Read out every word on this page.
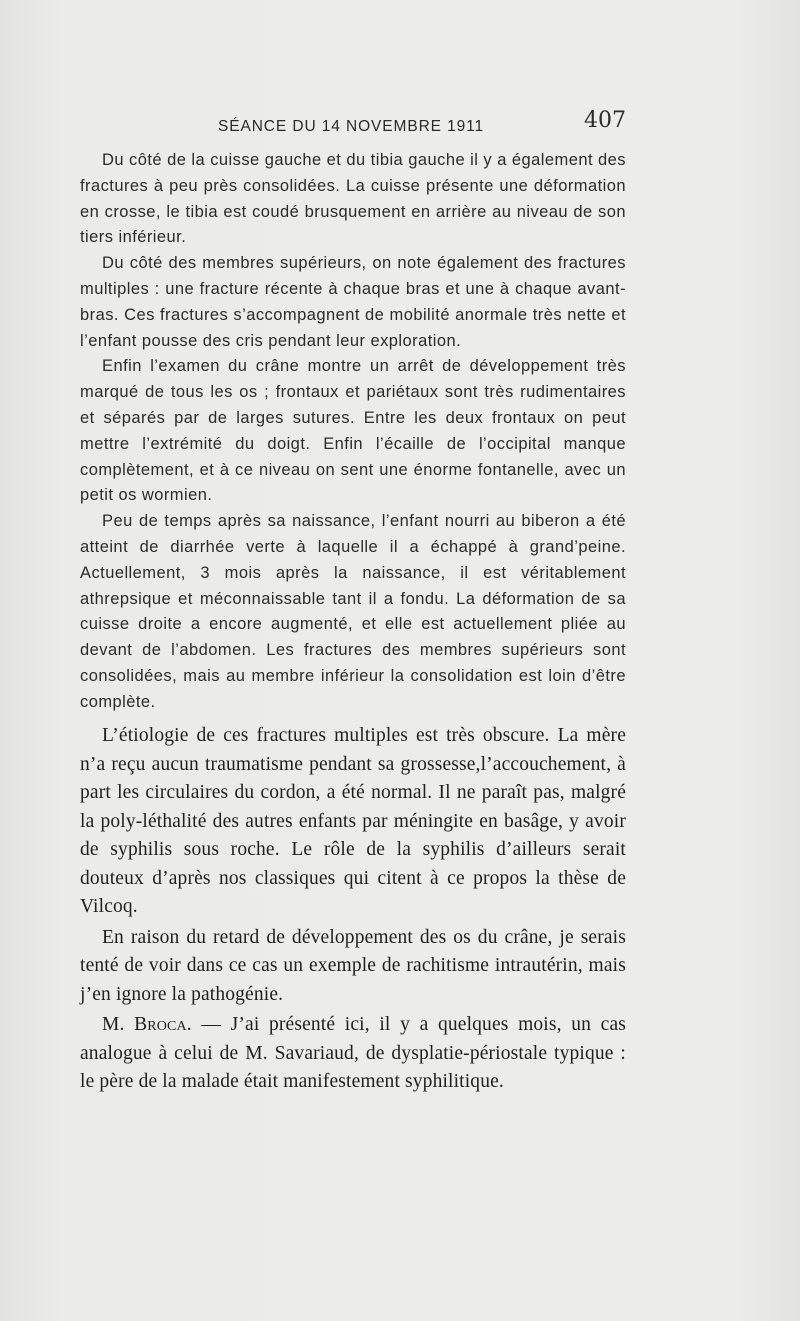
SÉANCE DU 14 NOVEMBRE 1911	407

Du côté de la cuisse gauche et du tibia gauche il y a également des fractures à peu près consolidées. La cuisse présente une déformation en crosse, le tibia est coudé brusquement en arrière au niveau de son tiers inférieur.

Du côté des membres supérieurs, on note également des fractures multiples : une fracture récente à chaque bras et une à chaque avant-bras. Ces fractures s’accompagnent de mobilité anormale très nette et l’enfant pousse des cris pendant leur exploration.

Enfin l’examen du crâne montre un arrêt de développement très marqué de tous les os ; frontaux et pariétaux sont très rudimentaires et séparés par de larges sutures. Entre les deux frontaux on peut mettre l’extrémité du doigt. Enfin l’écaille de l’occipital manque complètement, et à ce niveau on sent une énorme fontanelle, avec un petit os wormien.

Peu de temps après sa naissance, l’enfant nourri au biberon a été atteint de diarrhée verte à laquelle il a échappé à grand’peine. Actuellement, 3 mois après la naissance, il est véritablement athrepsique et méconnaissable tant il a fondu. La déformation de sa cuisse droite a encore augmenté, et elle est actuellement pliée au devant de l’abdomen. Les fractures des membres supérieurs sont consolidées, mais au membre inférieur la consolidation est loin d’être complète.

L’étiologie de ces fractures multiples est très obscure. La mère n’a reçu aucun traumatisme pendant sa grossesse,l’accouchement, à part les circulaires du cordon, a été normal. Il ne paraît pas, malgré la poly-léthalité des autres enfants par méningite en basâge, y avoir de syphilis sous roche. Le rôle de la syphilis d’ailleurs serait douteux d’après nos classiques qui citent à ce propos la thèse de Vilcoq.

En raison du retard de développement des os du crâne, je serais tenté de voir dans ce cas un exemple de rachitisme intrautérin, mais j’en ignore la pathogénie.

M. Broca. — J’ai présenté ici, il y a quelques mois, un cas analogue à celui de M. Savariaud, de dysplatie-périostale typique : le père de la malade était manifestement syphilitique.
